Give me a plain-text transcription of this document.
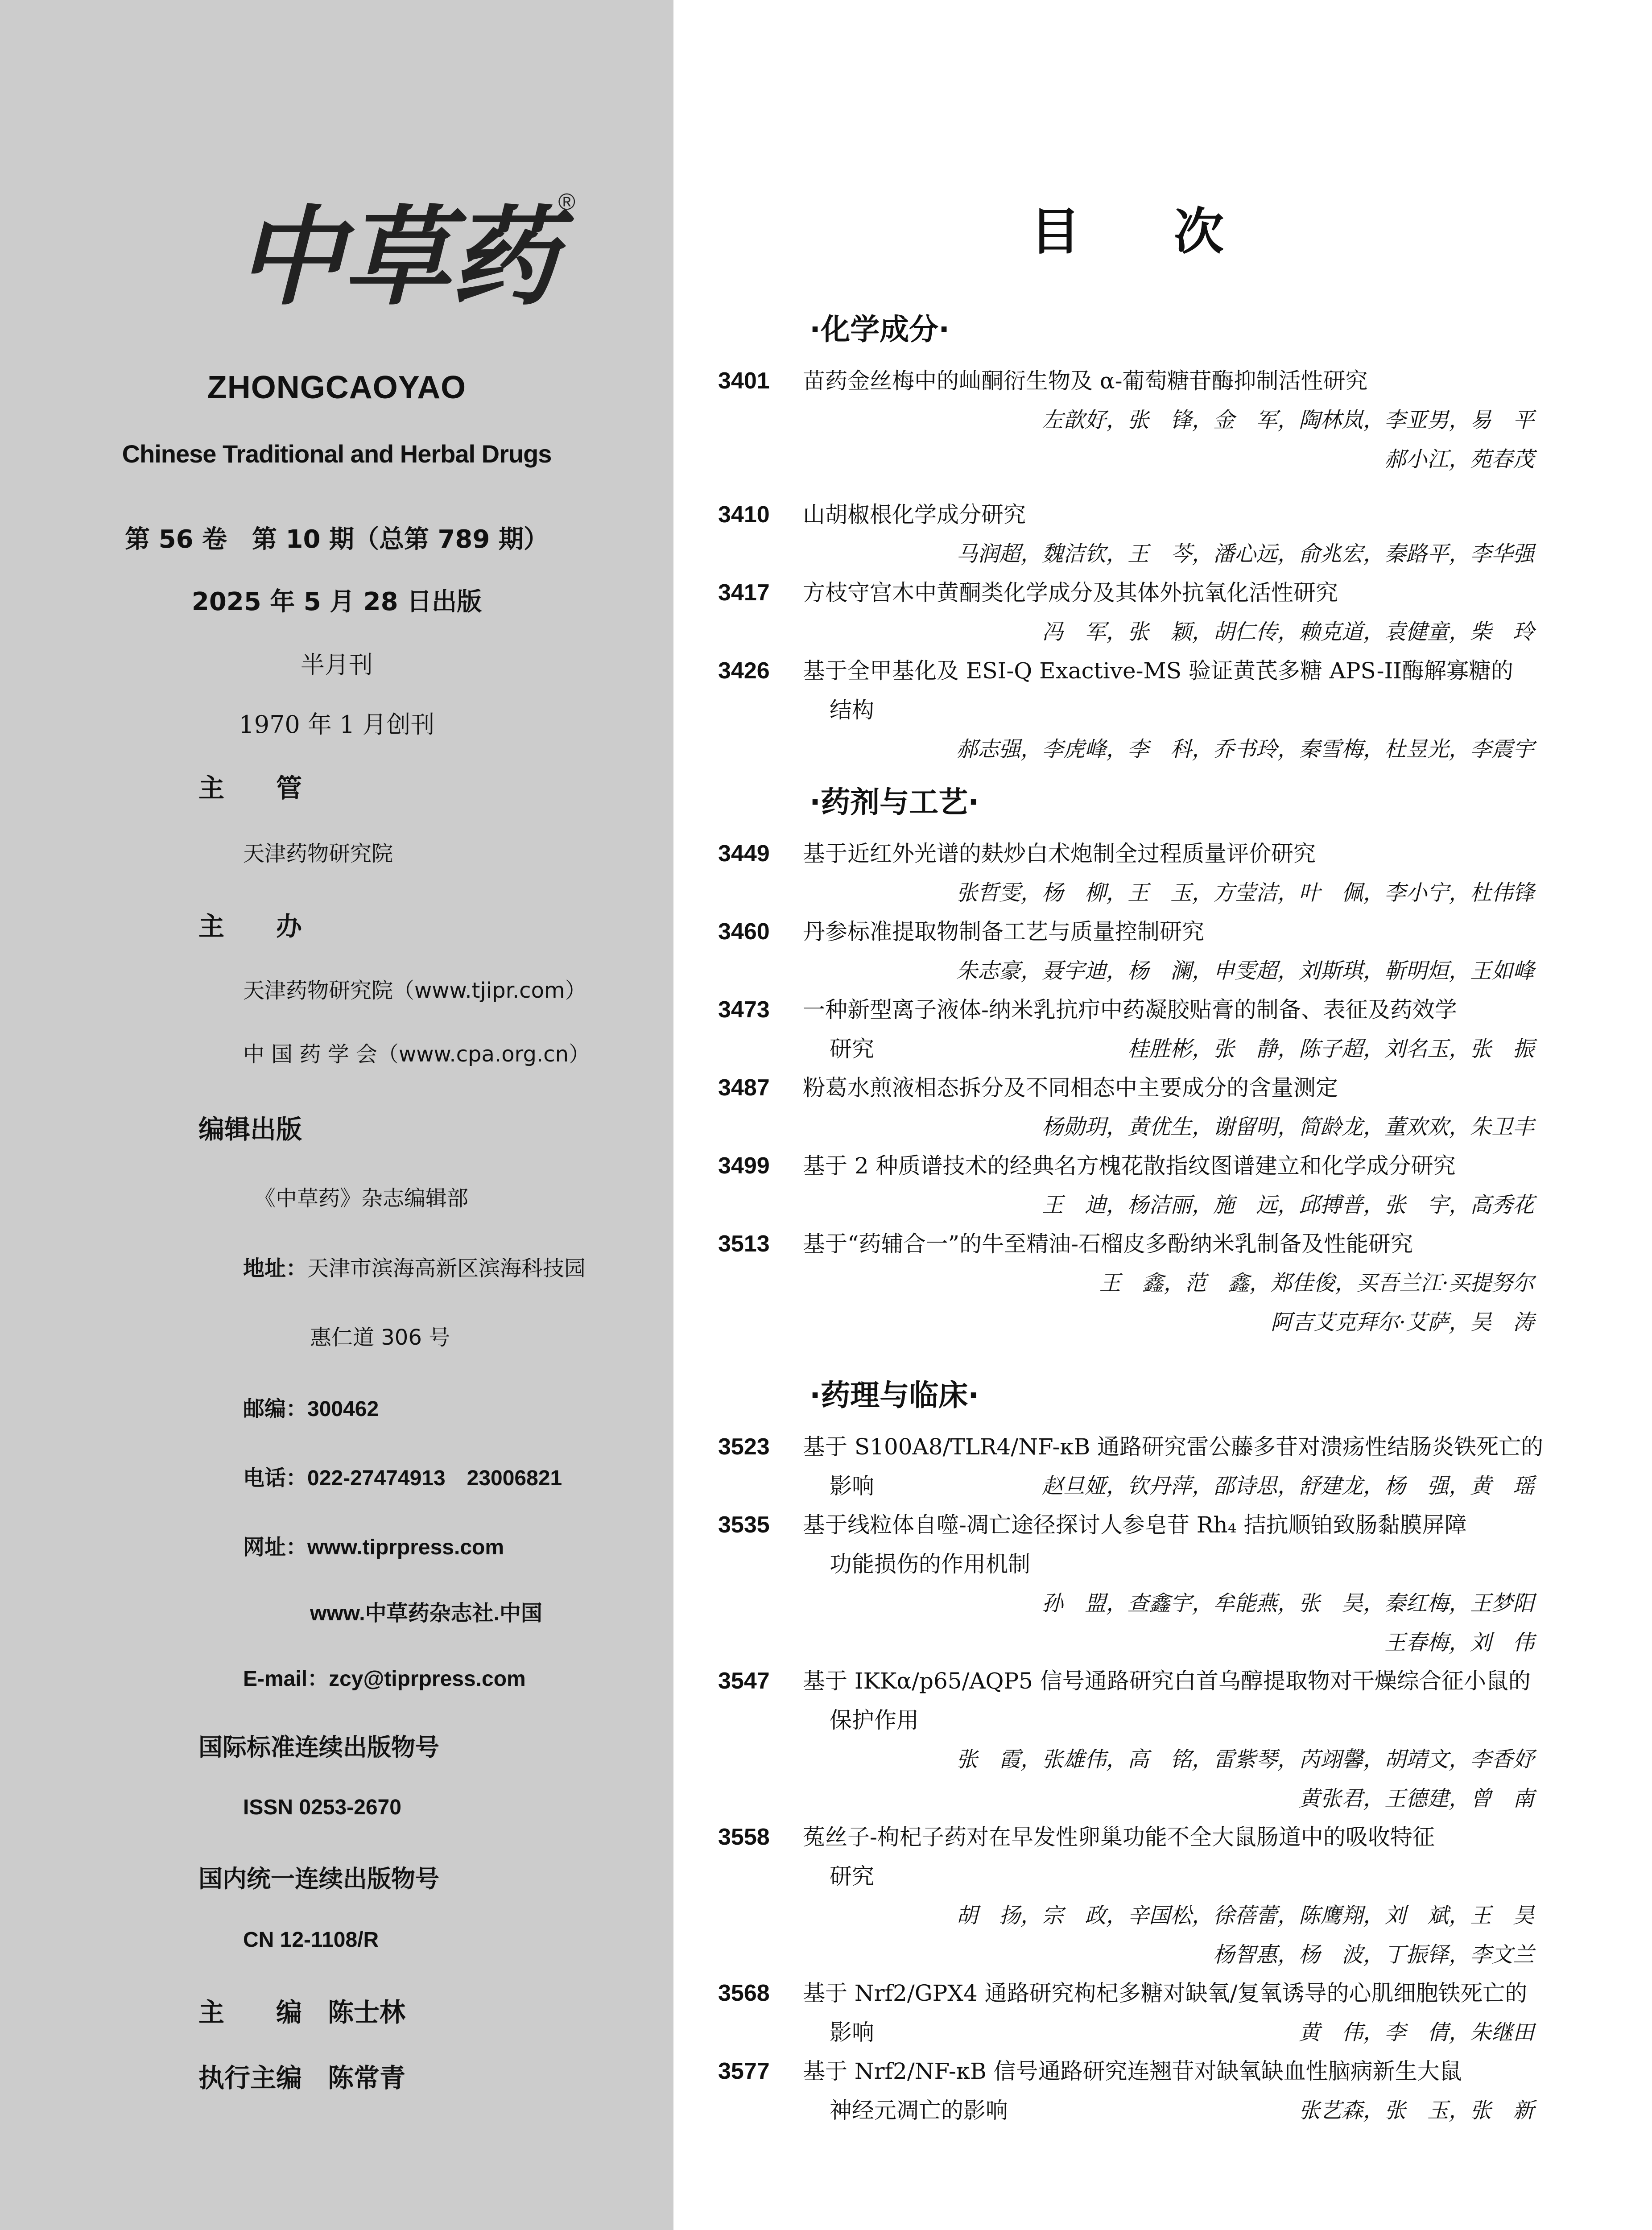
中草药 ®
ZHONGCAOYAO
Chinese Traditional and Herbal Drugs
第 56 卷　第 10 期（总第 789 期）
2025 年 5 月 28 日出版
半月刊
1970 年 1 月创刊
主　　管
天津药物研究院
主　　办
天津药物研究院（www.tjipr.com）
中 国 药 学 会（www.cpa.org.cn）
编辑出版
《中草药》杂志编辑部
地址：天津市滨海高新区滨海科技园
惠仁道 306 号
邮编：300462
电话：022-27474913　23006821
网址：www.tiprpress.com
www.中草药杂志社.中国
E-mail：zcy@tiprpress.com
国际标准连续出版物号
ISSN 0253-2670
国内统一连续出版物号
CN 12-1108/R
主　　编　 陈士林
执行主编　 陈常青
目次
·化学成分·
3401 苗药金丝梅中的屾酮衍生物及 α-葡萄糖苷酶抑制活性研究
左歆好，张　锋，金　军，陶林岚，李亚男，易　平
郝小江，苑春茂
3410 山胡椒根化学成分研究
马润超，魏洁钦，王　芩，潘心远，俞兆宏，秦路平，李华强
3417 方枝守宫木中黄酮类化学成分及其体外抗氧化活性研究
冯　军，张　颖，胡仁传，赖克道，袁健童，柴　玲
3426 基于全甲基化及 ESI-Q Exactive-MS 验证黄芪多糖 APS-II酶解寡糖的
结构
郝志强，李虎峰，李　科，乔书玲，秦雪梅，杜昱光，李震宇
·药剂与工艺·
3449 基于近红外光谱的麸炒白术炮制全过程质量评价研究
张哲雯，杨　柳，王　玉，方莹洁，叶　佩，李小宁，杜伟锋
3460 丹参标准提取物制备工艺与质量控制研究
朱志豪，聂宇迪，杨　澜，申雯超，刘斯琪，靳明烜，王如峰
3473 一种新型离子液体-纳米乳抗疖中药凝胶贴膏的制备、表征及药效学
研究	桂胜彬，张　静，陈子超，刘名玉，张　振
3487 粉葛水煎液相态拆分及不同相态中主要成分的含量测定
杨勋玥，黄优生，谢留明，简龄龙，董欢欢，朱卫丰
3499 基于 2 种质谱技术的经典名方槐花散指纹图谱建立和化学成分研究
王　迪，杨洁丽，施　远，邱搏普，张　宇，高秀花
3513 基于“药辅合一”的牛至精油-石榴皮多酚纳米乳制备及性能研究
王　鑫，范　鑫，郑佳俊，买吾兰江·买提努尔
阿吉艾克拜尔·艾萨，吴　涛
·药理与临床·
3523 基于 S100A8/TLR4/NF-κB 通路研究雷公藤多苷对溃疡性结肠炎铁死亡的
影响	赵旦娅，钦丹萍，邵诗思，舒建龙，杨　强，黄　瑶
3535 基于线粒体自噬-凋亡途径探讨人参皂苷 Rh₄ 拮抗顺铂致肠黏膜屏障
功能损伤的作用机制
孙　盟，查鑫宇，牟能燕，张　昊，秦红梅，王梦阳
王春梅，刘　伟
3547 基于 IKKα/p65/AQP5 信号通路研究白首乌醇提取物对干燥综合征小鼠的
保护作用
张　霞，张雄伟，高　铭，雷紫琴，芮翊馨，胡靖文，李香妤
黄张君，王德建，曾　南
3558 菟丝子-枸杞子药对在早发性卵巢功能不全大鼠肠道中的吸收特征
研究
胡　扬，宗　政，辛国松，徐蓓蕾，陈鹰翔，刘　斌，王　昊
杨智惠，杨　波，丁振铎，李文兰
3568 基于 Nrf2/GPX4 通路研究枸杞多糖对缺氧/复氧诱导的心肌细胞铁死亡的
影响	黄　伟，李　倩，朱继田
3577 基于 Nrf2/NF-κB 信号通路研究连翘苷对缺氧缺血性脑病新生大鼠
神经元凋亡的影响	张艺森，张　玉，张　新
